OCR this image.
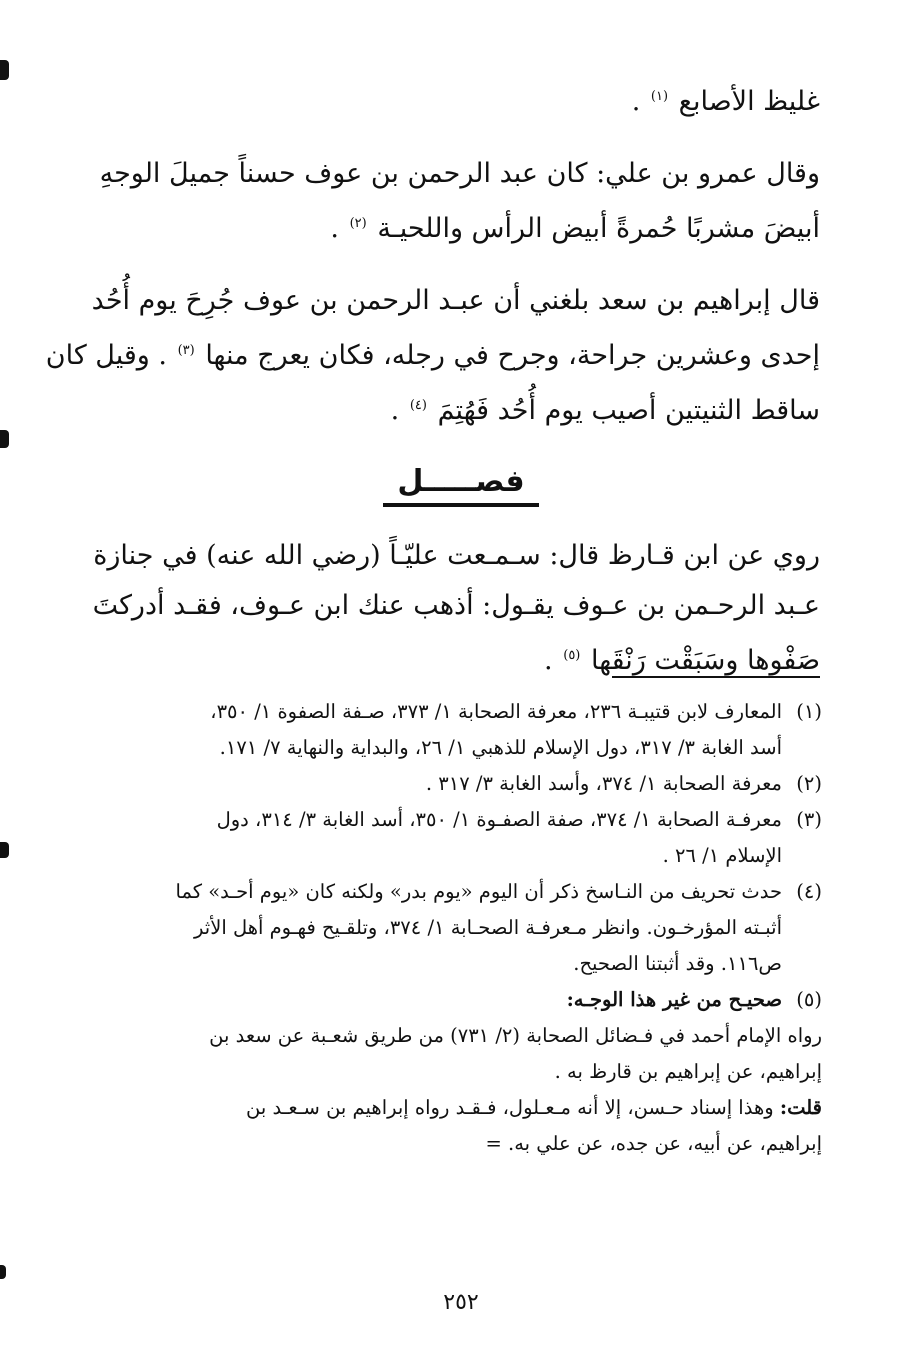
غليظ الأصابع $^{(١)}$ .

وقال عمرو بن علي: كان عبد الرحمن بن عوف حسناً جميلَ الوجهِ
أبيضَ مشربًا حُمرةً أبيض الرأس واللحيـة $^{(٢)}$ .

قال إبراهيم بن سعد بلغني أن عبـد الرحمن بن عوف جُرِحَ يوم أُحُد
إحدى وعشرين جراحة، وجرح في رجله، فكان يعرج منها $^{(٣)}$ . وقيل كان
ساقط الثنيتين أصيب يوم أُحُد فَهُتِمَ $^{(٤)}$ .

فصـــــل

روي عن ابن قـارظ قال: سـمـعت عليّـاً (رضي الله عنه) في جنازة
عـبد الرحـمن بن عـوف يقـول: أذهب عنك ابن عـوف، فقـد أدركتَ
صَفْوها وسَبَقْت رَنْقَها $^{(٥)}$ .

(١)
المعارف لابن قتيبـة ٢٣٦، معرفة الصحابة ١/ ٣٧٣، صـفة الصفوة ١/ ٣٥٠،
أسد الغابة ٣/ ٣١٧، دول الإسلام للذهبي ١/ ٢٦، والبداية والنهاية ٧/ ١٧١.
(٢)
معرفة الصحابة ١/ ٣٧٤، وأسد الغابة ٣/ ٣١٧ .
(٣)
معرفـة الصحابة ١/ ٣٧٤، صفة الصفـوة ١/ ٣٥٠، أسد الغابة ٣/ ٣١٤، دول
الإسلام ١/ ٢٦ .
(٤)
حدث تحريف من النـاسخ ذكر أن اليوم «يوم بدر» ولكنه كان «يوم أحـد» كما
أثبـته المؤرخـون. وانظر مـعرفـة الصحـابة ١/ ٣٧٤، وتلقـيح فهـوم أهل الأثر
ص١١٦. وقد أثبتنا الصحيح.
(٥)
صحيـح من غير هذا الوجـه:
رواه الإمام أحمد في فـضائل الصحابة (٢/ ٧٣١) من طريق شعـبة عن سعد بن
إبراهيم، عن إبراهيم بن قارظ به .
قلت: وهذا إسناد حـسن، إلا أنه مـعـلول، فـقـد رواه إبراهيم بن سـعـد بن
إبراهيم، عن أبيه، عن جده، عن علي به. =
٢٥٢
